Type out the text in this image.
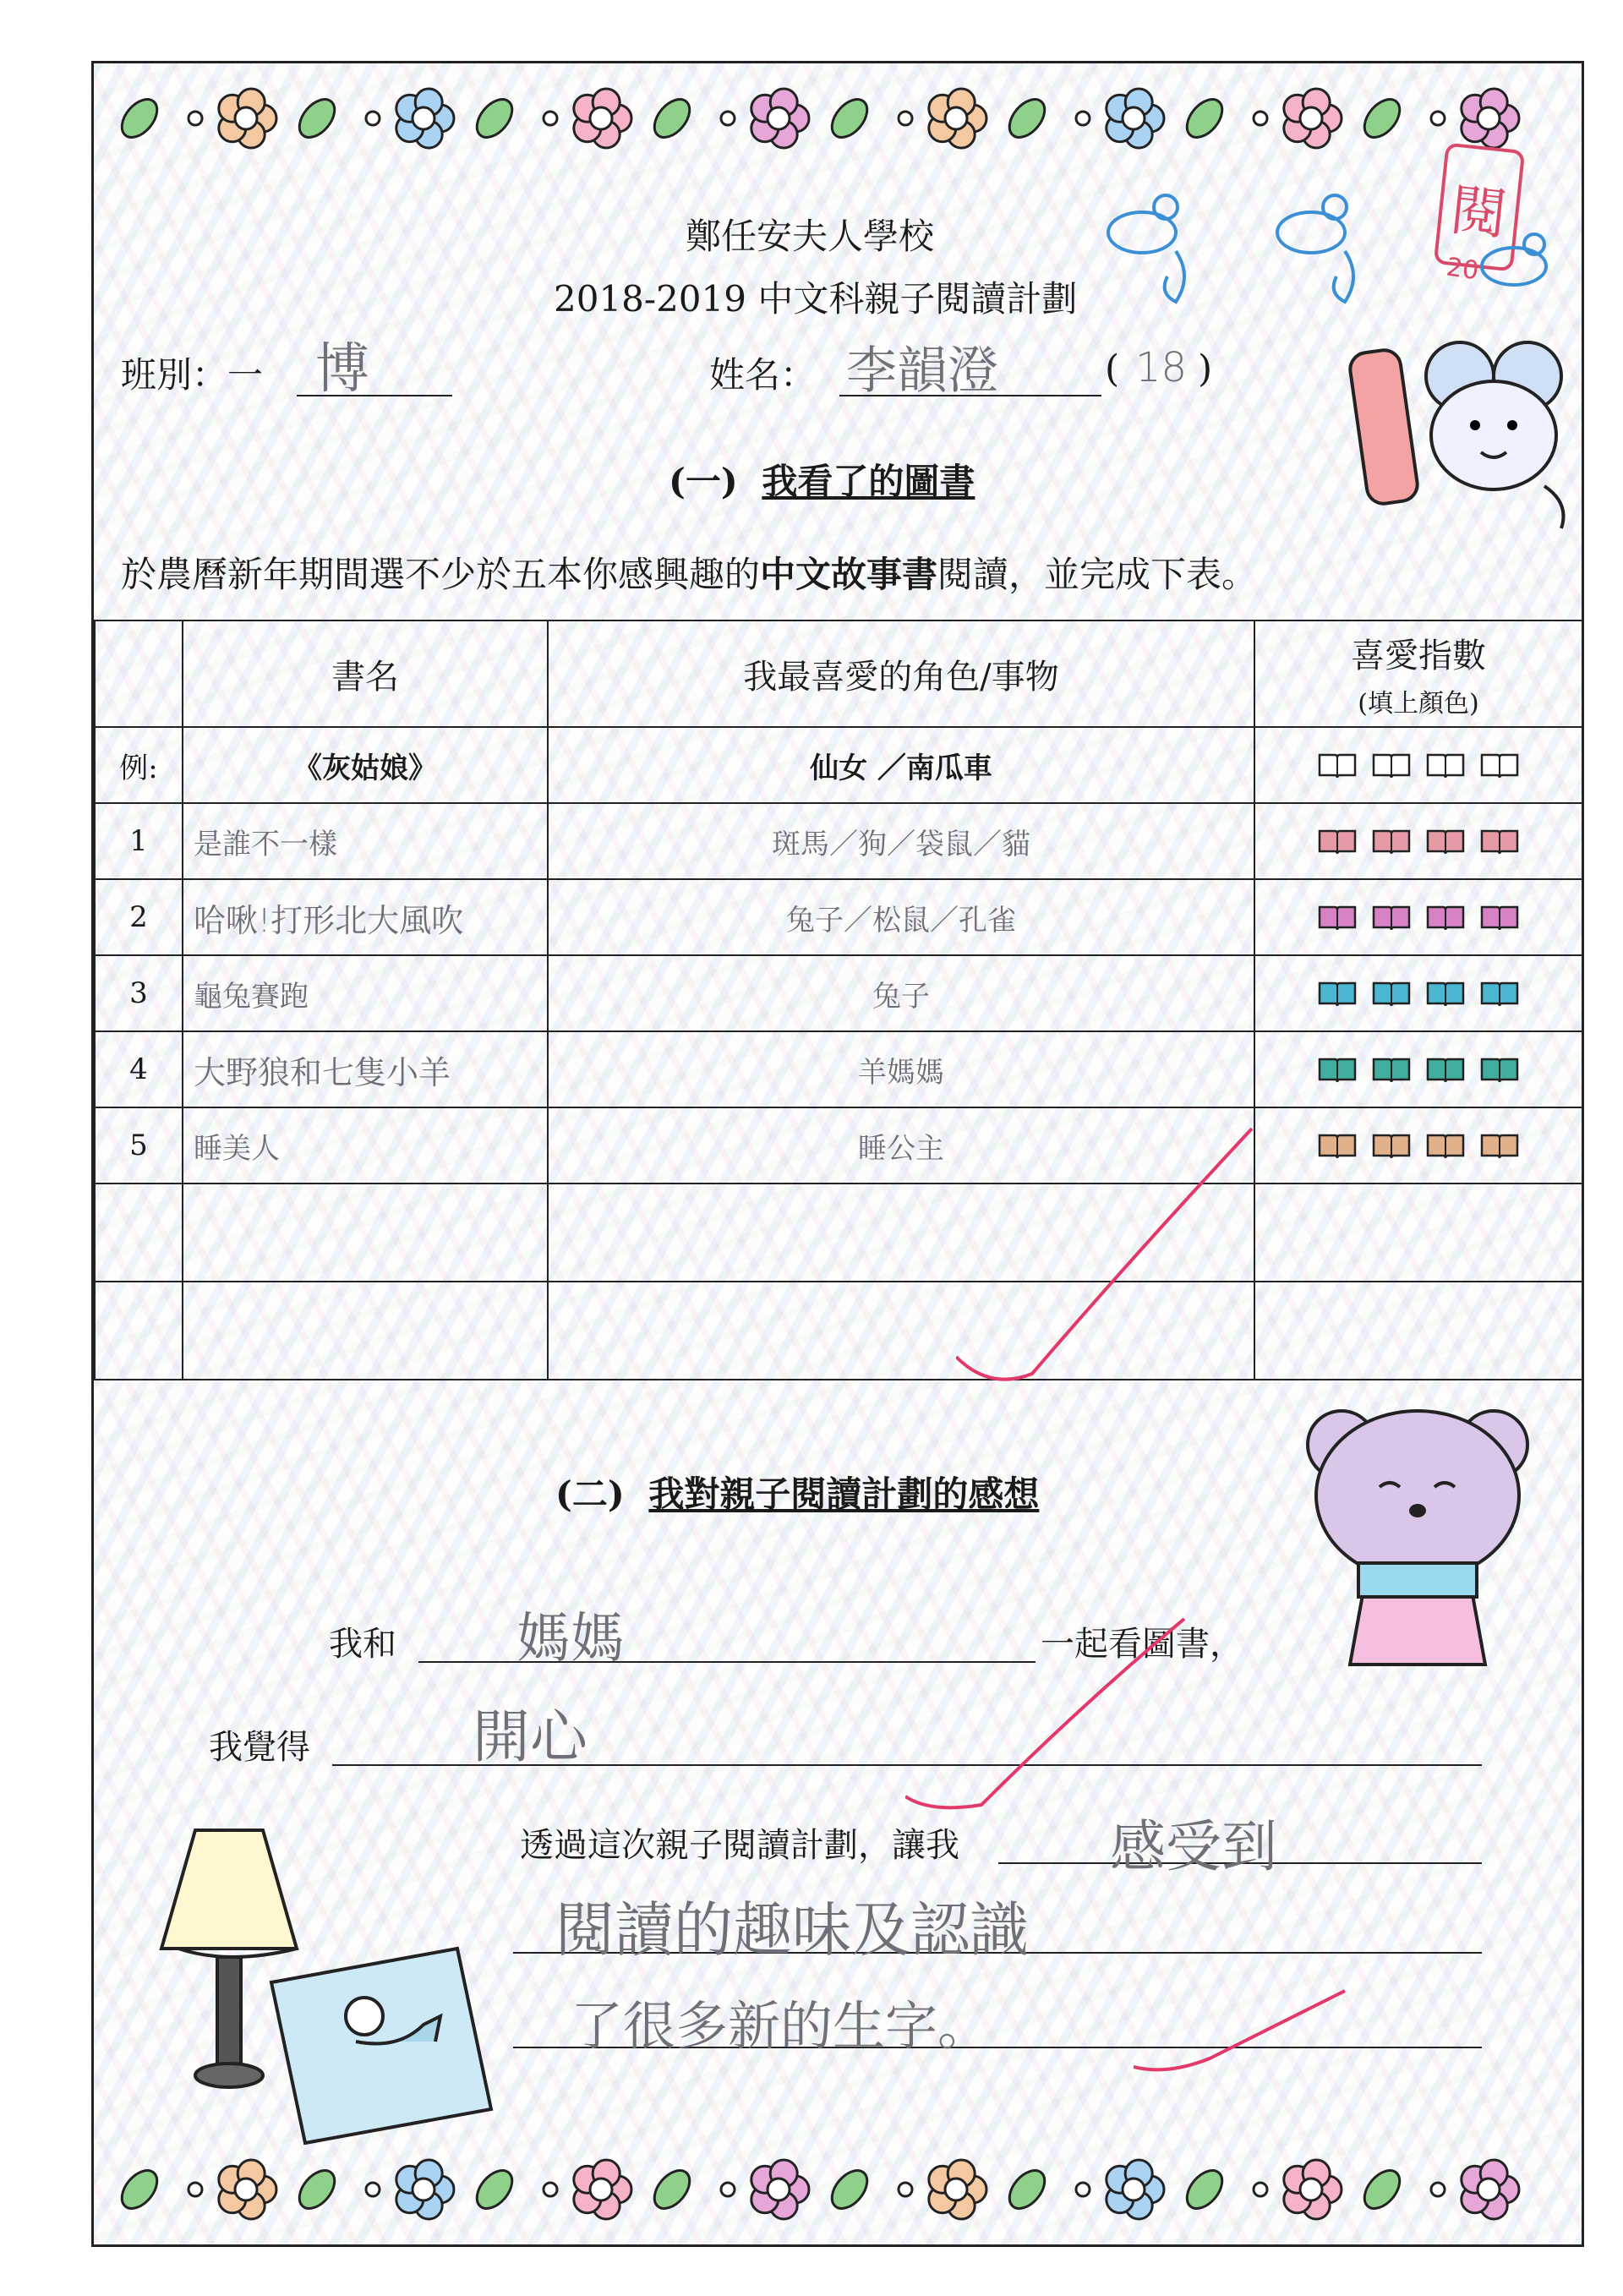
閱
20
鄭任安夫人學校
2018-2019 中文科親子閱讀計劃
班別：一 博	姓名： 李韻澄	( 18 )
(一) 我看了的圖書
於農曆新年期間選不少於五本你感興趣的中文故事書閱讀，並完成下表。
	書名	我最喜愛的角色/事物	喜愛指數
(填上顏色)

例:	《灰姑娘》	仙女 ／南瓜車	

1	是誰不一樣	斑馬／狗／袋鼠／貓	

2	哈啾!打形北大風吹	兔子／松鼠／孔雀	

3	龜兔賽跑	兔子	

4	大野狼和七隻小羊	羊媽媽	

5	睡美人	睡公主	

(二) 我對親子閱讀計劃的感想
我和 媽媽	一起看圖書，
我覺得	開心
透過這次親子閱讀計劃，讓我	感受到
閱讀的趣味及認識
了很多新的生字。
